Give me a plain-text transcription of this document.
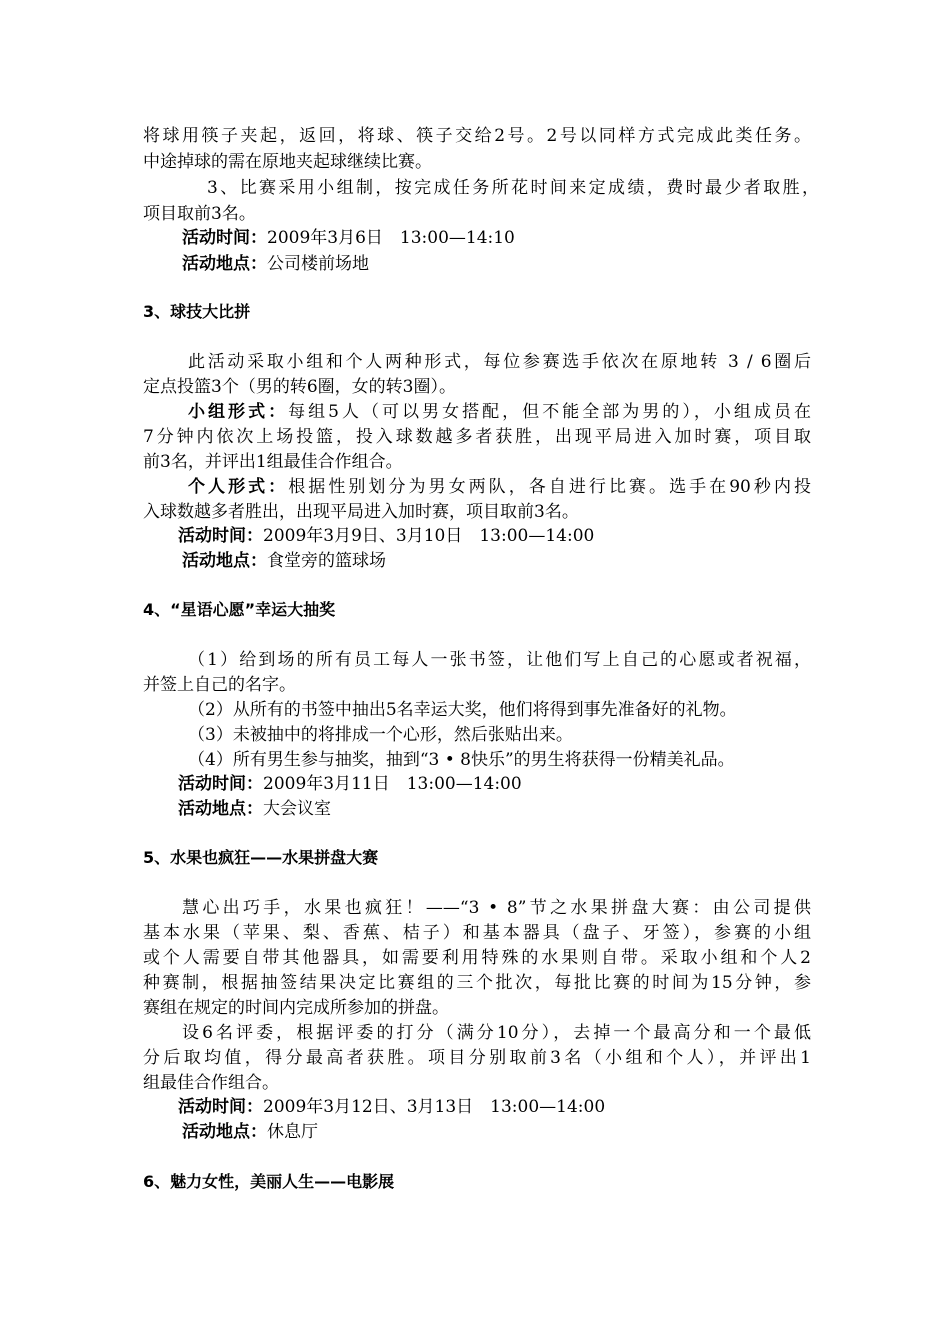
将球用筷子夹起，返回，将球、筷子交给2号。2号以同样方式完成此类任务。
中途掉球的需在原地夹起球继续比赛。
3、比赛采用小组制，按完成任务所花时间来定成绩，费时最少者取胜，
项目取前3名。
活动时间：2009年3月6日　13:00—14:10
活动地点：公司楼前场地
3、球技大比拼
此活动采取小组和个人两种形式，每位参赛选手依次在原地转 3 / 6圈后
定点投篮3个（男的转6圈，女的转3圈）。
小组形式：每组5人（可以男女搭配，但不能全部为男的），小组成员在
7分钟内依次上场投篮，投入球数越多者获胜，出现平局进入加时赛，项目取
前3名，并评出1组最佳合作组合。
个人形式：根据性别划分为男女两队，各自进行比赛。选手在90秒内投
入球数越多者胜出，出现平局进入加时赛，项目取前3名。
活动时间：2009年3月9日、3月10日　13:00—14:00
活动地点：食堂旁的篮球场
4、“星语心愿”幸运大抽奖
（1）给到场的所有员工每人一张书签，让他们写上自己的心愿或者祝福，
并签上自己的名字。
（2）从所有的书签中抽出5名幸运大奖，他们将得到事先准备好的礼物。
（3）未被抽中的将排成一个心形，然后张贴出来。
（4）所有男生参与抽奖，抽到“3 • 8快乐”的男生将获得一份精美礼品。
活动时间：2009年3月11日　13:00—14:00
活动地点：大会议室
5、水果也疯狂——水果拼盘大赛
慧心出巧手，水果也疯狂！——“3 • 8”节之水果拼盘大赛：由公司提供
基本水果（苹果、梨、香蕉、桔子）和基本器具（盘子、牙签），参赛的小组
或个人需要自带其他器具，如需要利用特殊的水果则自带。采取小组和个人2
种赛制，根据抽签结果决定比赛组的三个批次，每批比赛的时间为15分钟，参
赛组在规定的时间内完成所参加的拼盘。
设6名评委，根据评委的打分（满分10分），去掉一个最高分和一个最低
分后取均值，得分最高者获胜。项目分别取前3名（小组和个人），并评出1
组最佳合作组合。
活动时间：2009年3月12日、3月13日　13:00—14:00
活动地点：休息厅
6、魅力女性，美丽人生——电影展
